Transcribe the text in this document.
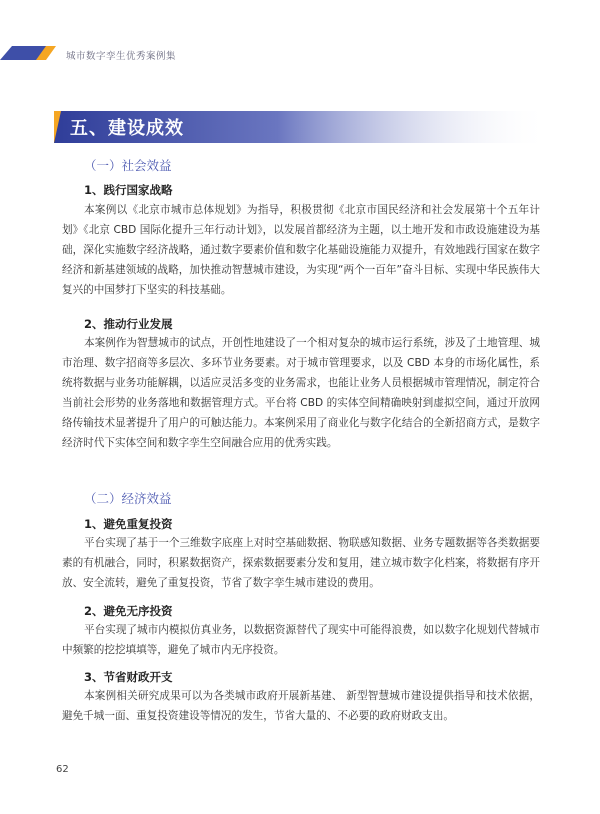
城市数字孪生优秀案例集
五、建设成效
（一）社会效益
1、践行国家战略

本案例以《北京市城市总体规划》为指导，积极贯彻《北京市国民经济和社会发展第十个五年计划》《北京 CBD 国际化提升三年行动计划》，以发展首都经济为主题，以土地开发和市政设施建设为基础，深化实施数字经济战略，通过数字要素价值和数字化基础设施能力双提升，有效地践行国家在数字经济和新基建领域的战略，加快推动智慧城市建设，为实现“两个一百年”奋斗目标、实现中华民族伟大复兴的中国梦打下坚实的科技基础。

2、推动行业发展

本案例作为智慧城市的试点，开创性地建设了一个相对复杂的城市运行系统，涉及了土地管理、城市治理、数字招商等多层次、多环节业务要素。对于城市管理要求，以及 CBD 本身的市场化属性，系统将数据与业务功能解耦，以适应灵活多变的业务需求，也能让业务人员根据城市管理情况，制定符合当前社会形势的业务落地和数据管理方式。平台将 CBD 的实体空间精确映射到虚拟空间，通过开放网络传输技术显著提升了用户的可触达能力。本案例采用了商业化与数字化结合的全新招商方式，是数字经济时代下实体空间和数字孪生空间融合应用的优秀实践。

（二）经济效益
1、避免重复投资

平台实现了基于一个三维数字底座上对时空基础数据、物联感知数据、业务专题数据等各类数据要素的有机融合，同时，积累数据资产，探索数据要素分发和复用，建立城市数字化档案，将数据有序开放、安全流转，避免了重复投资，节省了数字孪生城市建设的费用。

2、避免无序投资

平台实现了城市内模拟仿真业务，以数据资源替代了现实中可能得浪费，如以数字化规划代替城市中频繁的挖挖填填等，避免了城市内无序投资。

3、节省财政开支

本案例相关研究成果可以为各类城市政府开展新基建、 新型智慧城市建设提供指导和技术依据，避免千城一面、重复投资建设等情况的发生，节省大量的、不必要的政府财政支出。

62
